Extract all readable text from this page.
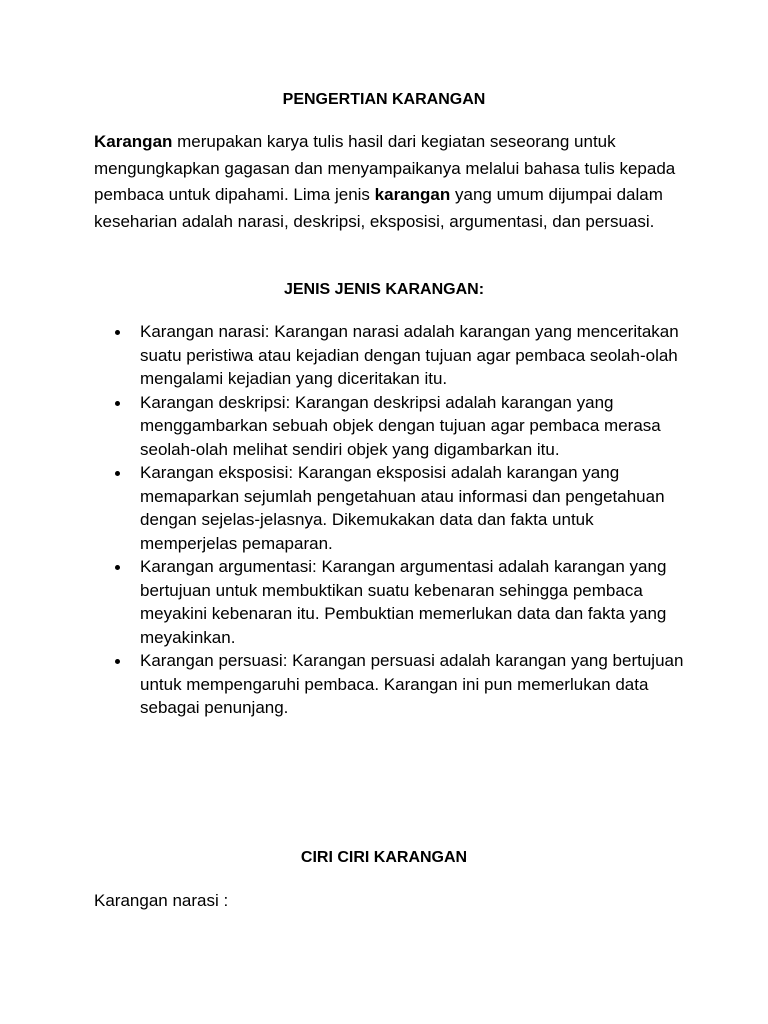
PENGERTIAN KARANGAN

Karangan merupakan karya tulis hasil dari kegiatan seseorang untuk mengungkapkan gagasan dan menyampaikanya melalui bahasa tulis kepada pembaca untuk dipahami. Lima jenis karangan yang umum dijumpai dalam keseharian adalah narasi, deskripsi, eksposisi, argumentasi, dan persuasi.

JENIS JENIS KARANGAN:
Karangan narasi: Karangan narasi adalah karangan yang menceritakan suatu peristiwa atau kejadian dengan tujuan agar pembaca seolah-olah mengalami kejadian yang diceritakan itu.
Karangan deskripsi: Karangan deskripsi adalah karangan yang menggambarkan sebuah objek dengan tujuan agar pembaca merasa seolah-olah melihat sendiri objek yang digambarkan itu.
Karangan eksposisi: Karangan eksposisi adalah karangan yang memaparkan sejumlah pengetahuan atau informasi dan pengetahuan dengan sejelas-jelasnya. Dikemukakan data dan fakta untuk memperjelas pemaparan.
Karangan argumentasi: Karangan argumentasi adalah karangan yang bertujuan untuk membuktikan suatu kebenaran sehingga pembaca meyakini kebenaran itu. Pembuktian memerlukan data dan fakta yang meyakinkan.
Karangan persuasi: Karangan persuasi adalah karangan yang bertujuan untuk mempengaruhi pembaca. Karangan ini pun memerlukan data sebagai penunjang.
CIRI CIRI KARANGAN
Karangan narasi :
